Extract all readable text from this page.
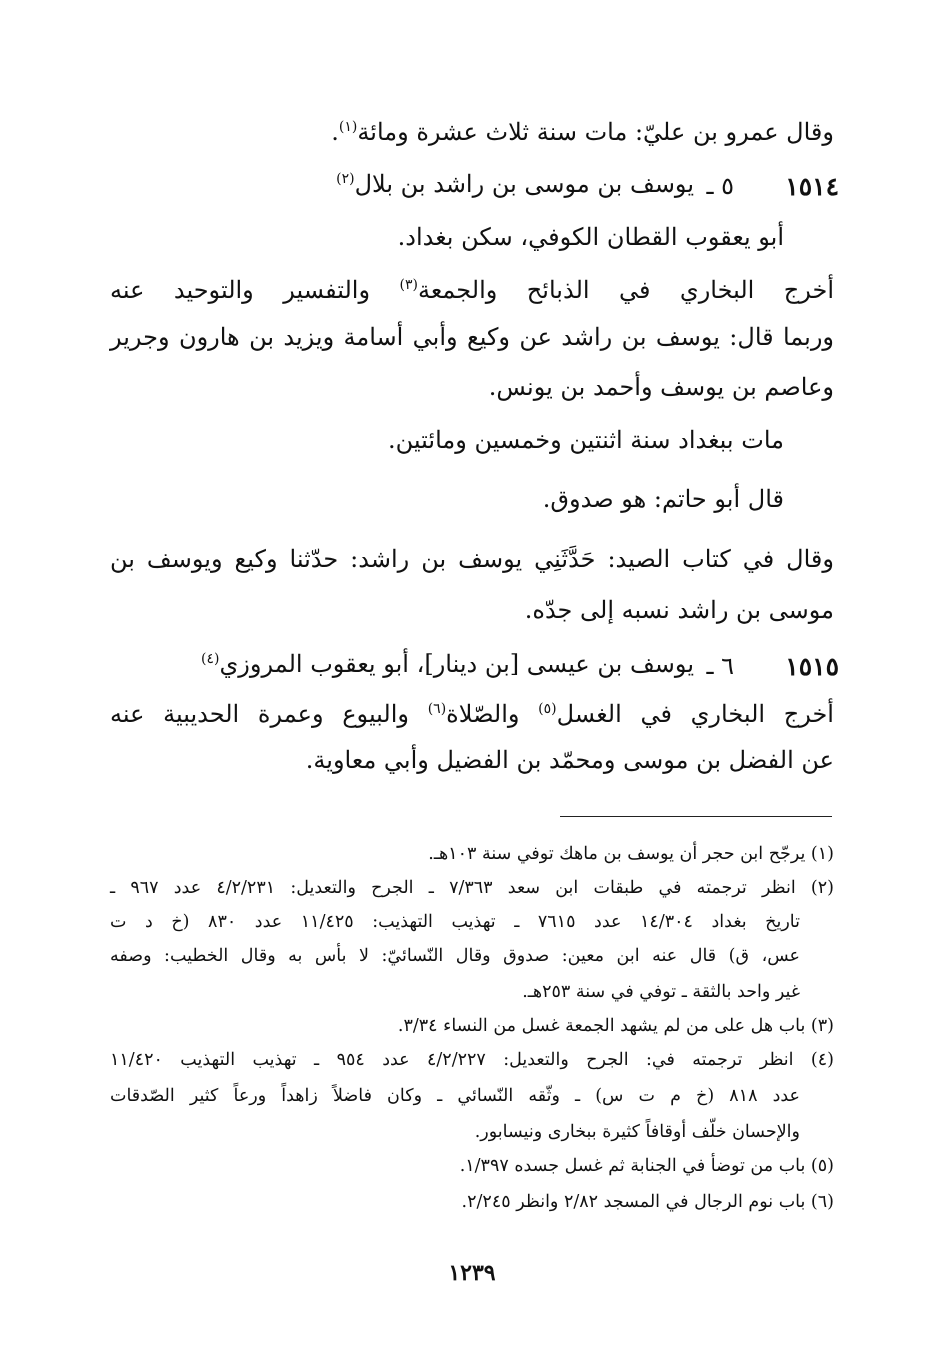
وقال عمرو بن عليّ: مات سنة ثلاث عشرة ومائة$^{(١)}$.
١٥١٤
٥ ـ
يوسف بن موسى بن راشد بن بلال$^{(٢)}$
أبو يعقوب القطان الكوفي، سكن بغداد.
أخرج البخاري في الذبائح والجمعة$^{(٣)}$ والتفسير والتوحيد عنه
وربما قال: يوسف بن راشد عن وكيع وأبي أسامة ويزيد بن هارون وجرير
وعاصم بن يوسف وأحمد بن يونس.
مات ببغداد سنة اثنتين وخمسين ومائتين.
قال أبو حاتم: هو صدوق.
وقال في كتاب الصيد: حَدَّثَنِي يوسف بن راشد: حدّثنا وكيع ويوسف بن
موسى بن راشد نسبه إلى جدّه.
١٥١٥
٦ ـ
يوسف بن عيسى [بن دينار]، أبو يعقوب المروزي$^{(٤)}$
أخرج البخاري في الغسل$^{(٥)}$ والصّلاة$^{(٦)}$ والبيوع وعمرة الحديبية عنه
عن الفضل بن موسى ومحمّد بن الفضيل وأبي معاوية.
(١) يرجّح ابن حجر أن يوسف بن ماهك توفي سنة ١٠٣هـ.
(٢) انظر ترجمته في طبقات ابن سعد ٧/٣٦٣ ـ الجرح والتعديل: ٤/٢/٢٣١ عدد ٩٦٧ ـ
تاريخ بغداد ١٤/٣٠٤ عدد ٧٦١٥ ـ تهذيب التهذيب: ١١/٤٢٥ عدد ٨٣٠ (خ د ت
عس، ق) قال عنه ابن معين: صدوق وقال النّسائيّ: لا بأس به وقال الخطيب: وصفه
غير واحد بالثقة ـ توفي في سنة ٢٥٣هـ.
(٣) باب هل على من لم يشهد الجمعة غسل من النساء ٣/٣٤.
(٤) انظر ترجمته في: الجرح والتعديل: ٤/٢/٢٢٧ عدد ٩٥٤ ـ تهذيب التهذيب ١١/٤٢٠
عدد ٨١٨ (خ م ت س) ـ وثّقه النّسائي ـ وكان فاضلاً زاهداً ورعاً كثير الصّدقات
والإحسان خلّف أوقافاً كثيرة ببخارى ونيسابور.
(٥) باب من توضأ في الجنابة ثم غسل جسده ١/٣٩٧.
(٦) باب نوم الرجال في المسجد ٢/٨٢ وانظر ٢/٢٤٥.
١٢٣٩
